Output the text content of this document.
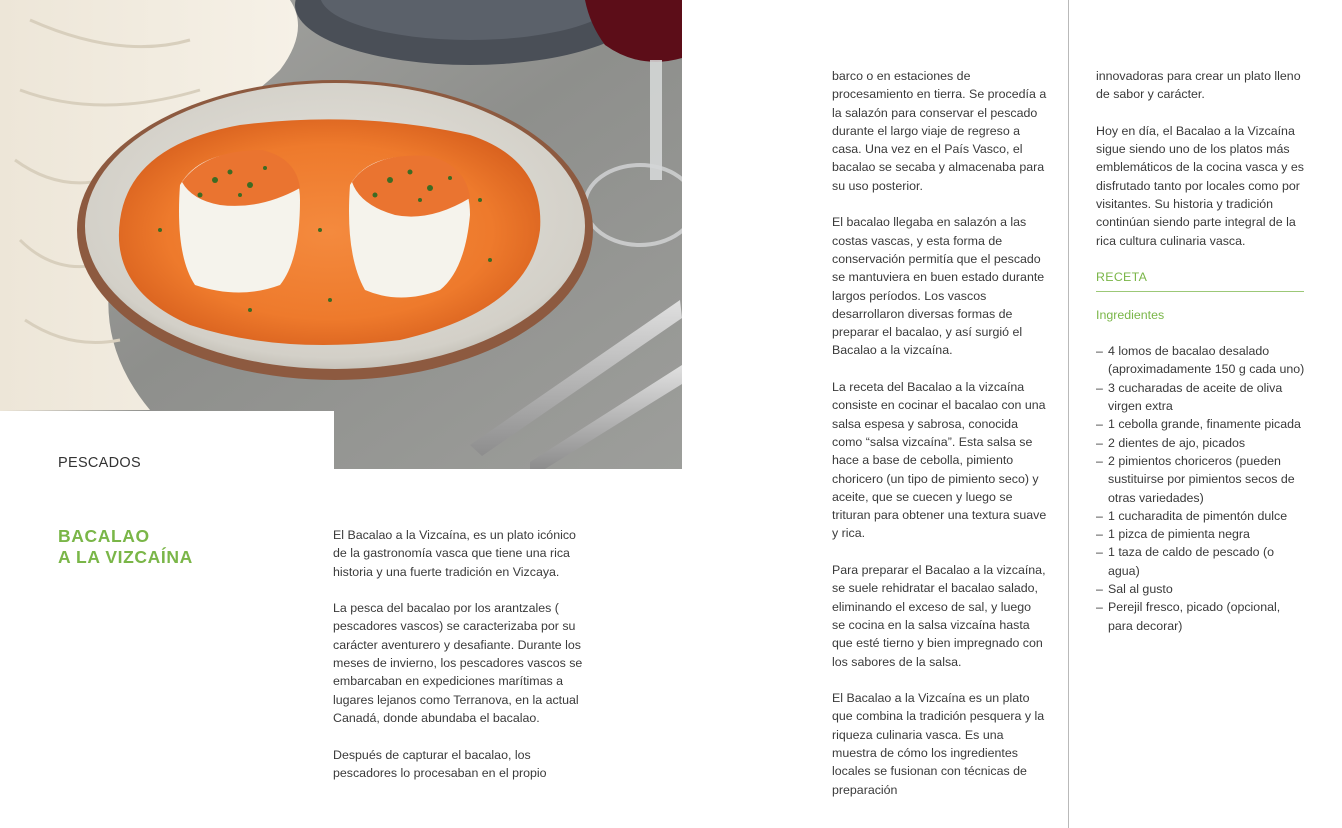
PESCADOS
BACALAO
A LA VIZCAÍNA

El Bacalao a la Vizcaína, es un plato icónico de la gastronomía vasca que tiene una rica historia y una fuerte tradición en Vizcaya.

La pesca del bacalao por los arantzales ( pescadores vascos) se caracterizaba por su carácter aventurero y desafiante. Durante los meses de invierno, los pescadores vascos se embarcaban en expediciones marítimas a lugares lejanos como Terranova, en la actual Canadá, donde abundaba el bacalao.

Después de capturar el bacalao, los pescadores lo procesaban en el propio

barco o en estaciones de procesamiento en tierra. Se procedía a la salazón para conservar el pescado durante el largo viaje de regreso a casa. Una vez en el País Vasco, el bacalao se secaba y almacenaba para su uso posterior.

El bacalao llegaba en salazón a las costas vascas, y esta forma de conservación permitía que el pescado se mantuviera en buen estado durante largos períodos. Los vascos desarrollaron diversas formas de preparar el bacalao, y así surgió el Bacalao a la vizcaína.

La receta del Bacalao a la vizcaína consiste en cocinar el bacalao con una salsa espesa y sabrosa, conocida como “salsa vizcaína”. Esta salsa se hace a base de cebolla, pimiento choricero (un tipo de pimiento seco) y aceite, que se cuecen y luego se trituran para obtener una textura suave y rica.

Para preparar el Bacalao a la vizcaína, se suele rehidratar el bacalao salado, eliminando el exceso de sal, y luego se cocina en la salsa vizcaína hasta que esté tierno y bien impregnado con los sabores de la salsa.

El Bacalao a la Vizcaína es un plato que combina la tradición pesquera y la riqueza culinaria vasca. Es una muestra de cómo los ingredientes locales se fusionan con técnicas de preparación

innovadoras para crear un plato lleno de sabor y carácter.

Hoy en día, el Bacalao a la Vizcaína sigue siendo uno de los platos más emblemáticos de la cocina vasca y es disfrutado tanto por locales como por visitantes. Su historia y tradición continúan siendo parte integral de la rica cultura culinaria vasca.

RECETA
Ingredientes
– 4 lomos de bacalao desalado (aproximadamente 150 g cada uno)
– 3 cucharadas de aceite de oliva virgen extra
– 1 cebolla grande, finamente picada
– 2 dientes de ajo, picados
– 2 pimientos choriceros (pueden sustituirse por pimientos secos de otras variedades)
– 1 cucharadita de pimentón dulce
– 1 pizca de pimienta negra
– 1 taza de caldo de pescado (o agua)
– Sal al gusto
– Perejil fresco, picado (opcional, para decorar)
